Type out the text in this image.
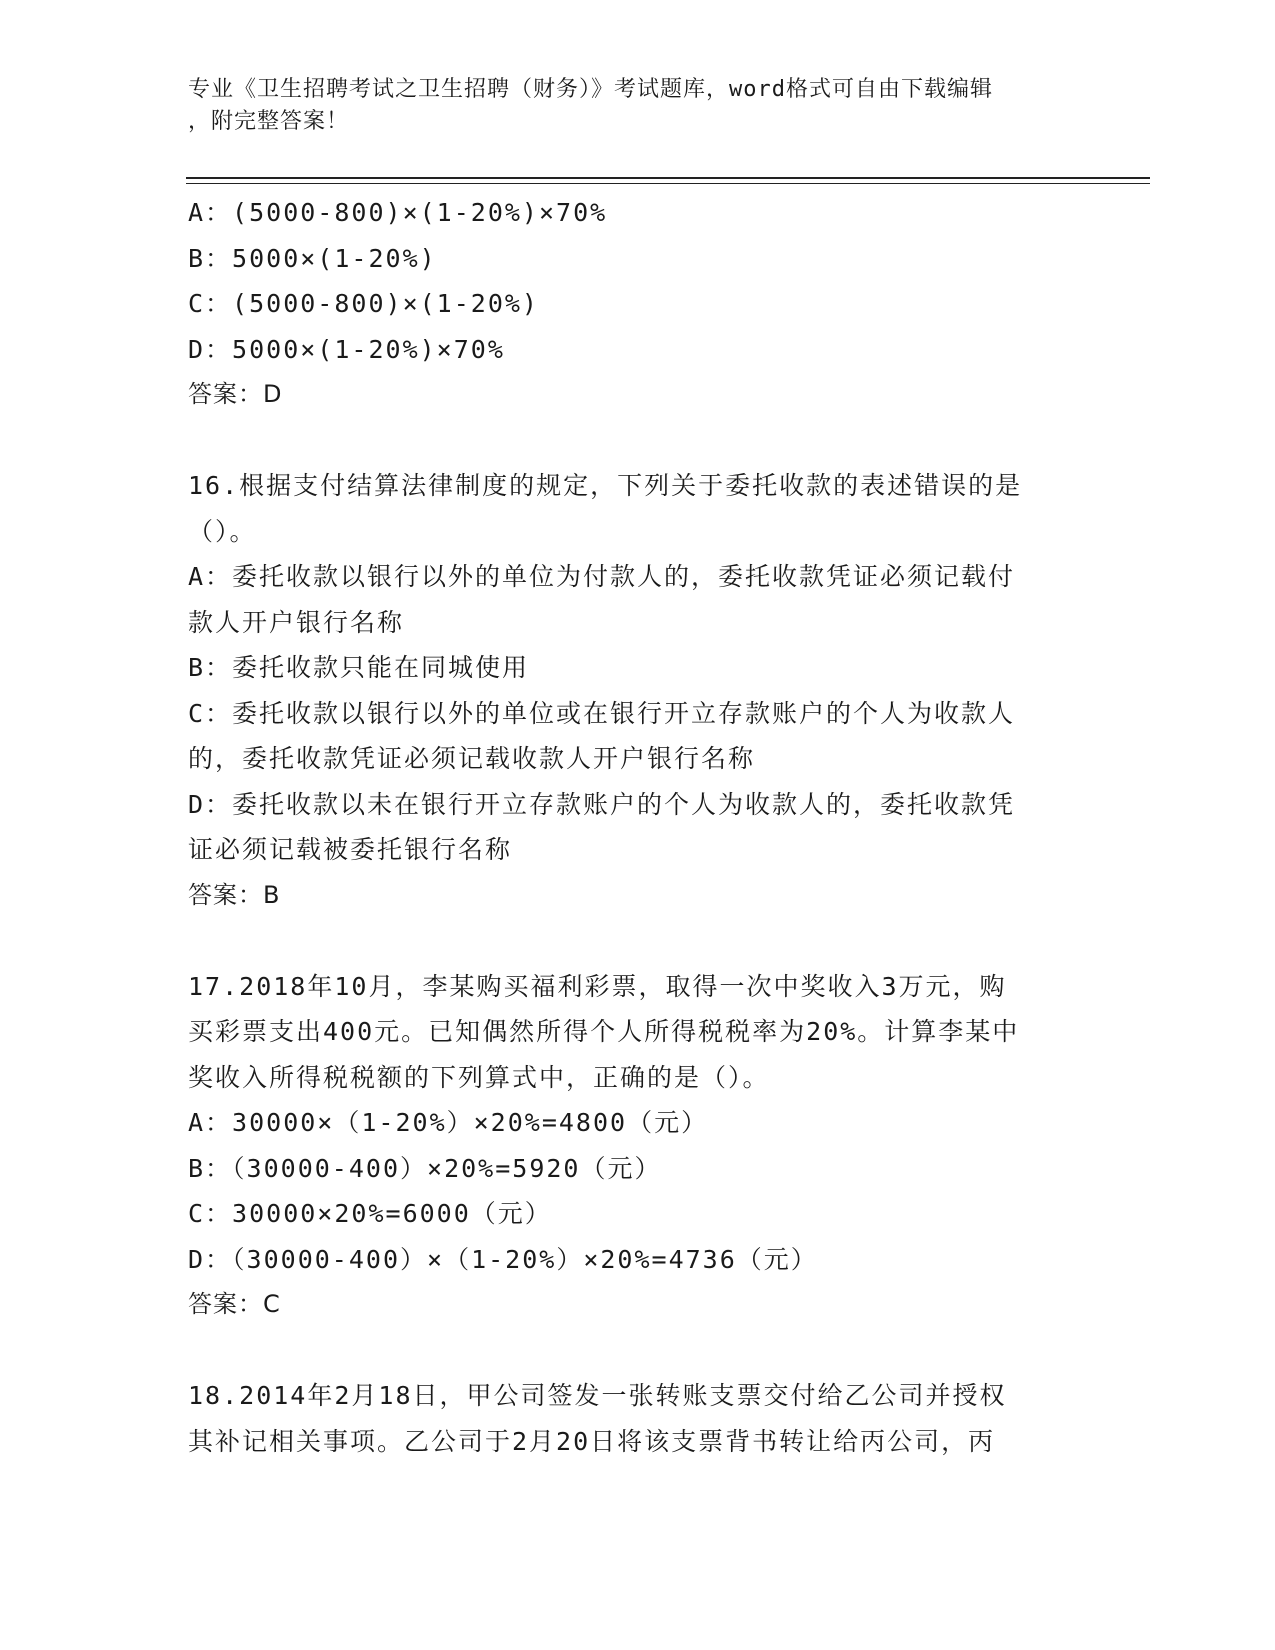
专业《卫生招聘考试之卫生招聘（财务）》考试题库，word格式可自由下载编辑
，附完整答案！
A：(5000-800)×(1-20%)×70%
B：5000×(1-20%)
C：(5000-800)×(1-20%)
D：5000×(1-20%)×70%
答案：D
16.根据支付结算法律制度的规定，下列关于委托收款的表述错误的是
（）。
A：委托收款以银行以外的单位为付款人的，委托收款凭证必须记载付
款人开户银行名称
B：委托收款只能在同城使用
C：委托收款以银行以外的单位或在银行开立存款账户的个人为收款人
的，委托收款凭证必须记载收款人开户银行名称
D：委托收款以未在银行开立存款账户的个人为收款人的，委托收款凭
证必须记载被委托银行名称
答案：B
17.2018年10月，李某购买福利彩票，取得一次中奖收入3万元，购
买彩票支出400元。已知偶然所得个人所得税税率为20%。计算李某中
奖收入所得税税额的下列算式中，正确的是（）。
A：30000×（1-20%）×20%=4800（元）
B：（30000-400）×20%=5920（元）
C：30000×20%=6000（元）
D：（30000-400）×（1-20%）×20%=4736（元）
答案：C
18.2014年2月18日，甲公司签发一张转账支票交付给乙公司并授权
其补记相关事项。乙公司于2月20日将该支票背书转让给丙公司，丙
